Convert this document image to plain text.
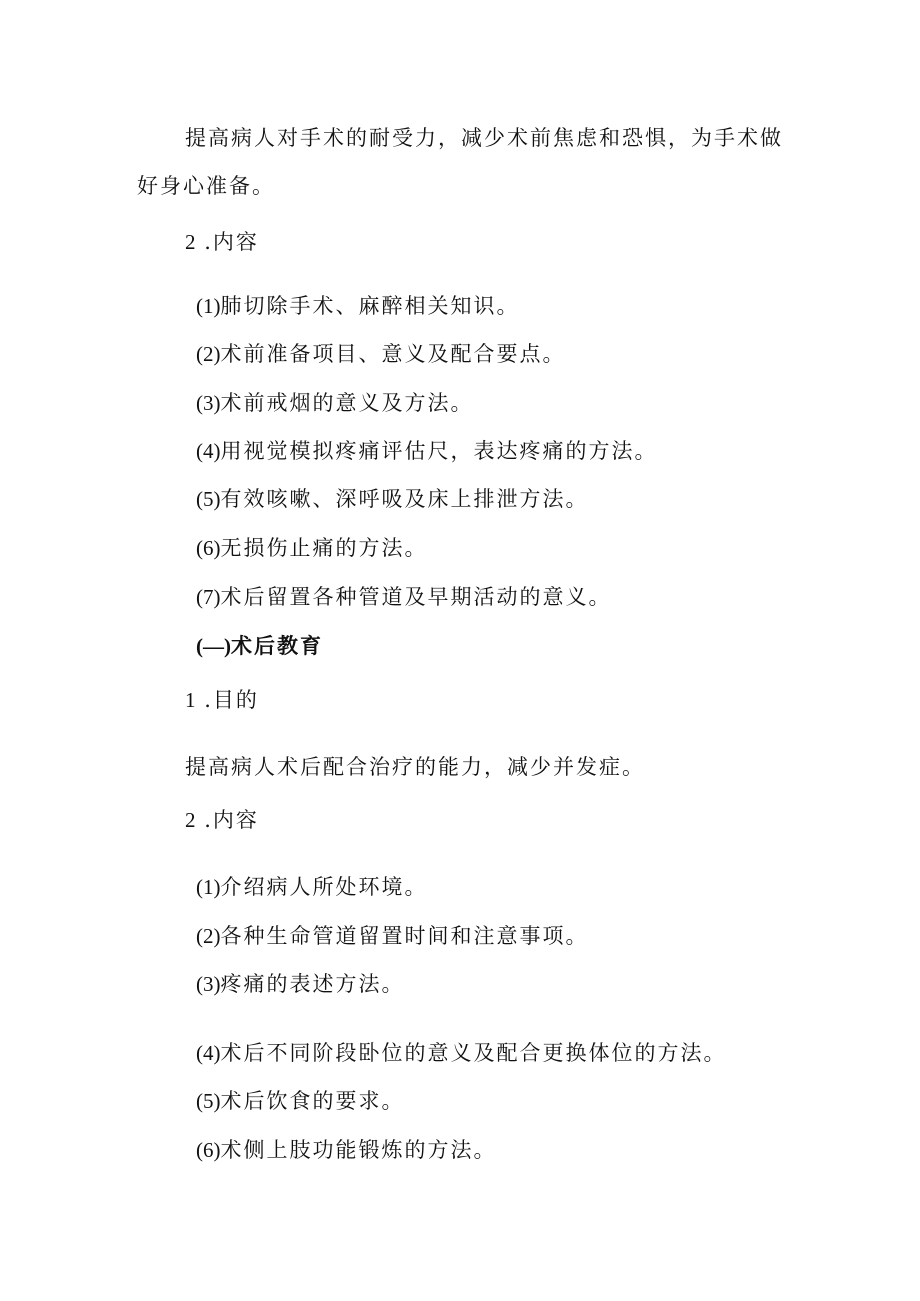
提高病人对手术的耐受力，减少术前焦虑和恐惧，为手术做
好身心准备。
2 .内容
(1)肺切除手术、麻醉相关知识。
(2)术前准备项目、意义及配合要点。
(3)术前戒烟的意义及方法。
(4)用视觉模拟疼痛评估尺，表达疼痛的方法。
(5)有效咳嗽、深呼吸及床上排泄方法。
(6)无损伤止痛的方法。
(7)术后留置各种管道及早期活动的意义。
(—)术后教育
1 .目的
提高病人术后配合治疗的能力，减少并发症。
2 .内容
(1)介绍病人所处环境。
(2)各种生命管道留置时间和注意事项。
(3)疼痛的表述方法。
(4)术后不同阶段卧位的意义及配合更换体位的方法。
(5)术后饮食的要求。
(6)术侧上肢功能锻炼的方法。
